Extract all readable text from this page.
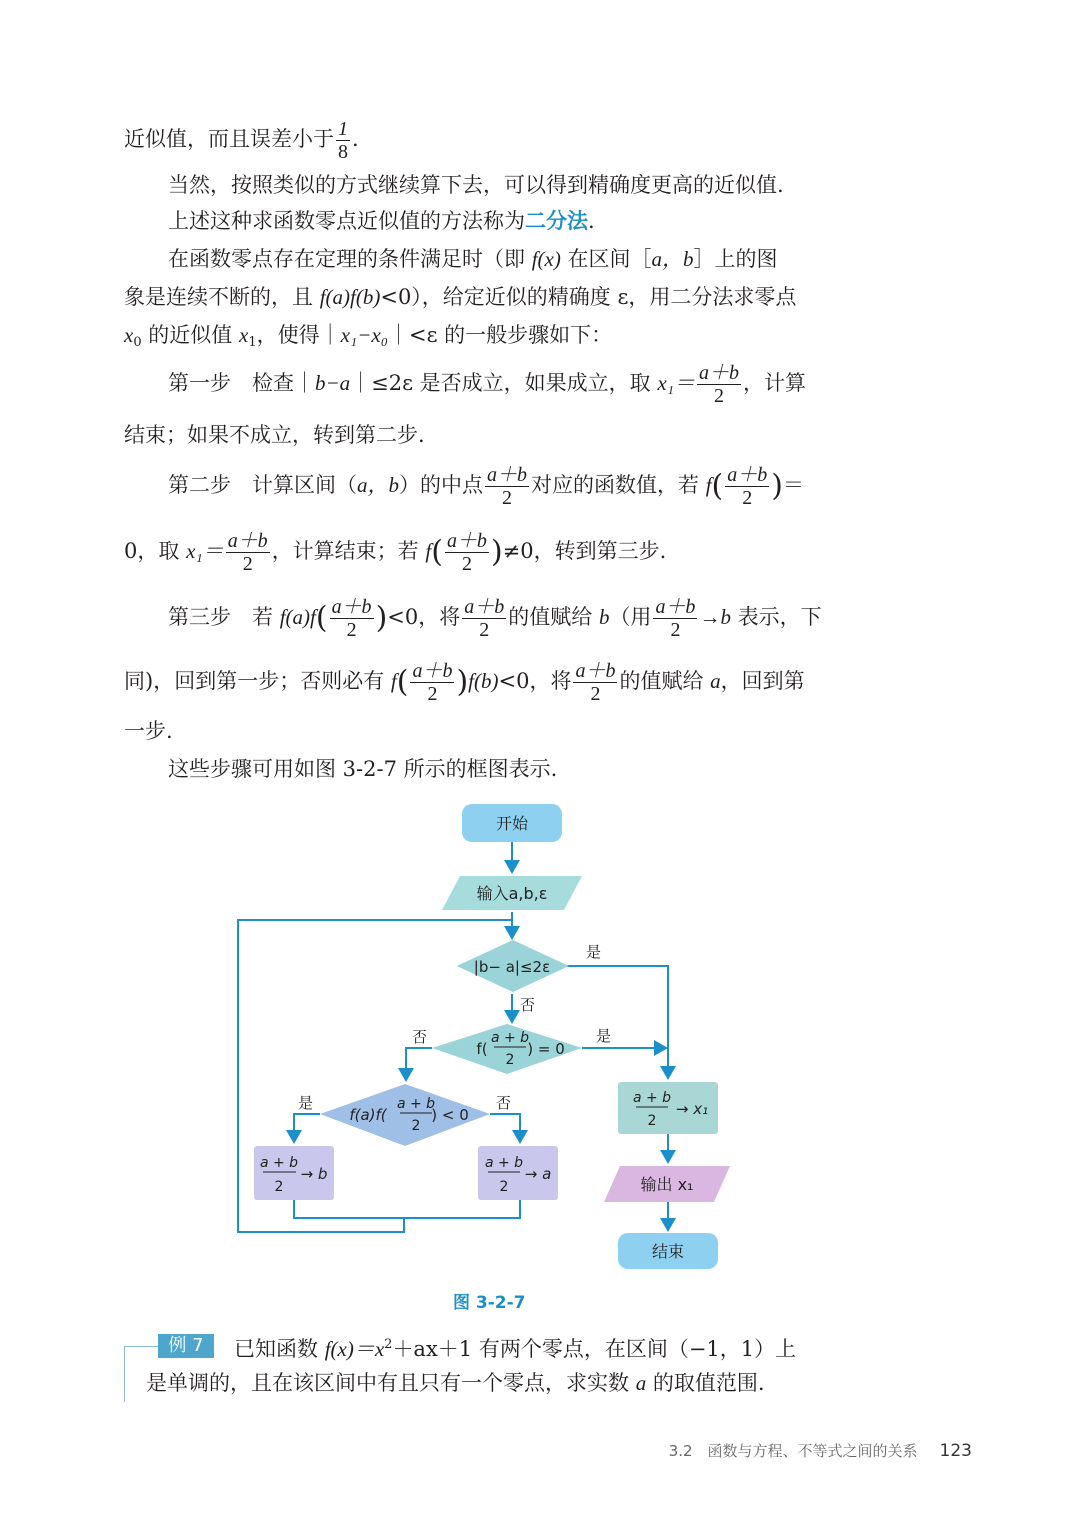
近似值，而且误差小于 $\frac{1}{8}$ .
当然，按照类似的方式继续算下去，可以得到精确度更高的近似值.
上述这种求函数零点近似值的方法称为二分法.
在函数零点存在定理的条件满足时（即 f(x) 在区间［a，b］上的图
象是连续不断的，且 f(a)f(b)<0），给定近似的精确度 ε，用二分法求零点
$x_0$ 的近似值 $x_1$，使得｜x₁−x₀｜<ε 的一般步骤如下：
第一步　 检查｜b−a｜≤2ε 是否成立，如果成立，取 $x_1= \frac{a+b}{2}$ ，计算
结束；如果不成立，转到第二步.
第二步　 计算区间（a，b）的中点 $\frac{a+b}{2}$ 对应的函数值，若 $f( \frac{a+b}{2}$ )＝
0，取 $x_1= \frac{a+b}{2}$ ，计算结束；若 $f( \frac{a+b}{2} )\ne 0$，转到第三步.
第三步　 若 $f(a)f( \frac{a+b}{2} )<0$，将 $\frac{a+b}{2}$ 的值赋给 b（用 $\frac{a+b}{2} \to b$ 表示，下
同)，回到第一步；否则必有 $f( \frac{a+b}{2} )f(b)<0$，将 $\frac{a+b}{2}$ 的值赋给 a，回到第
一步.
这些步骤可用如图 3-2-7 所示的框图表示.
开始
输入a,b,ε
|b− a|≤2ε
是
否
f(
a + b
2
) = 0
是
否
f(a)f(
a + b
2
) < 0
是	否
a + b
2
→ b
a + b
2
→ a
a + b
2
→ x₁
输出 x₁
结束
图 3-2-7
例 7	已知函数 $f(x)=x^2+ax+1$ 有两个零点，在区间（−1，1）上
是单调的，且在该区间中有且只有一个零点，求实数 a 的取值范围.
3.2　函数与方程、不等式之间的关系 123
